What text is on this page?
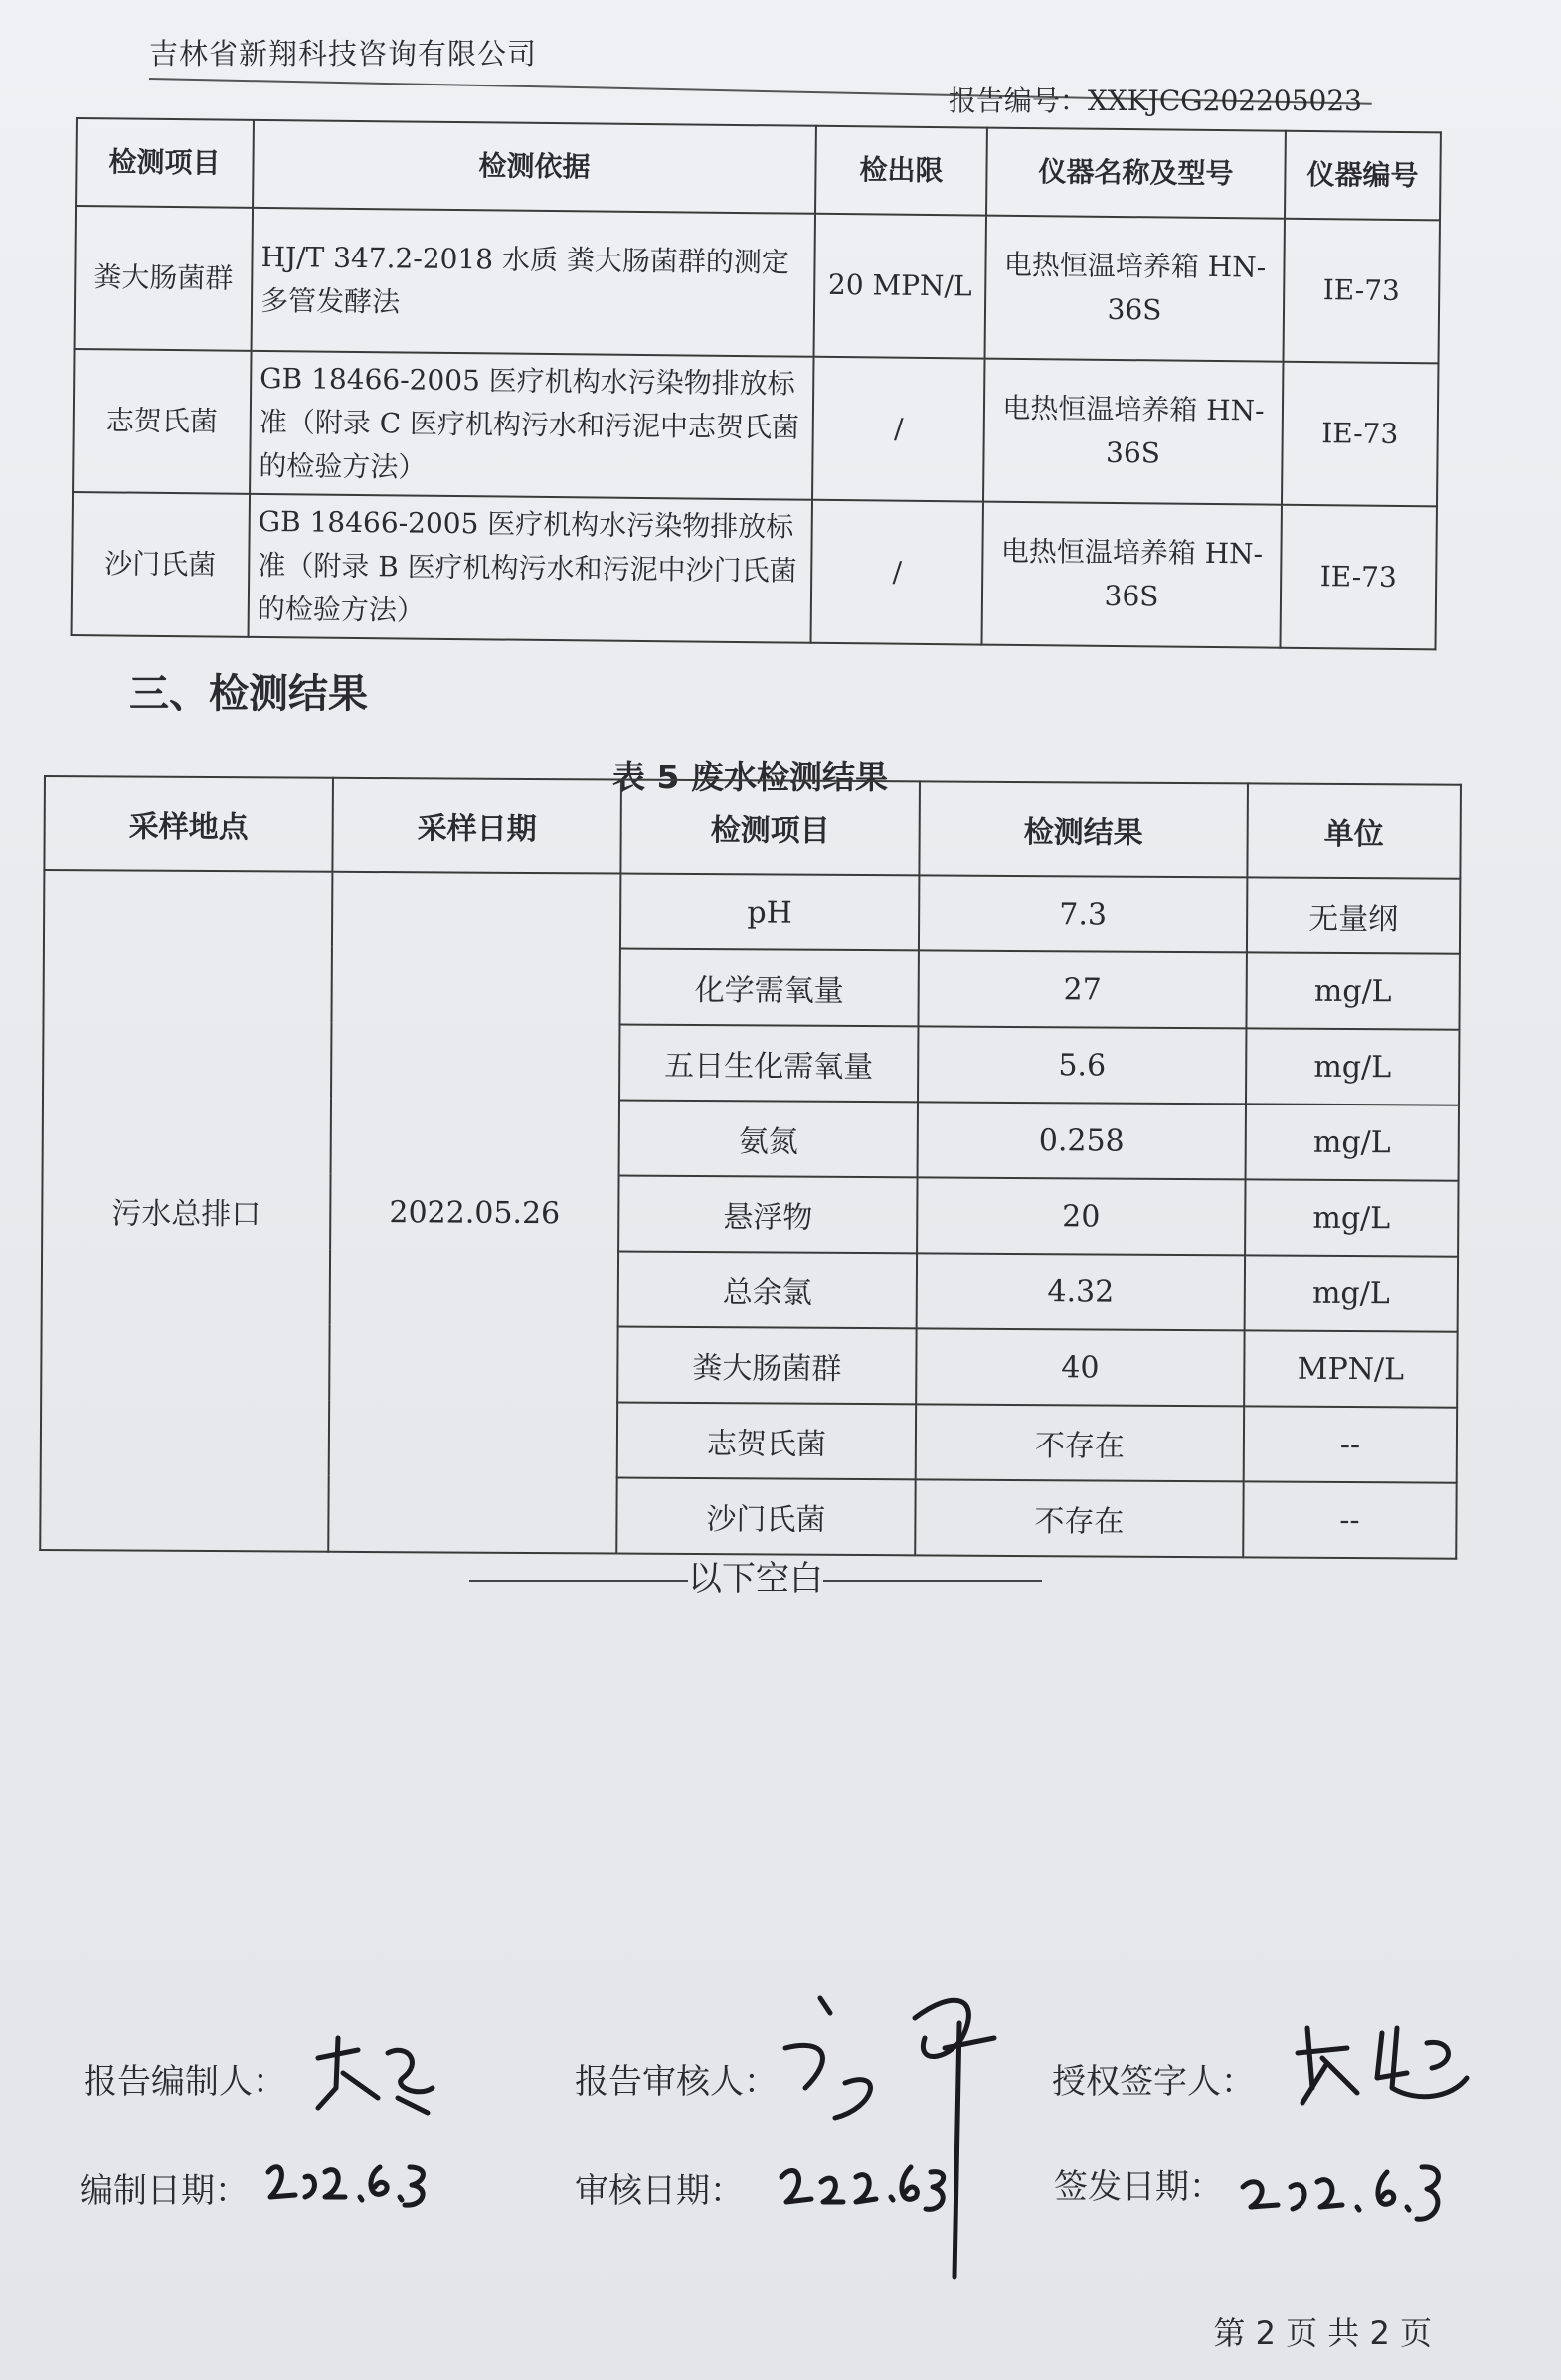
吉林省新翔科技咨询有限公司
报告编号：XXKJCG202205023
检测项目	检测依据	检出限	仪器名称及型号	仪器编号
粪大肠菌群	HJ/T 347.2-2018 水质 粪大肠菌群的测定 多管发酵法	20 MPN/L	电热恒温培养箱 HN-36S	IE-73
志贺氏菌	GB 18466-2005 医疗机构水污染物排放标准（附录 C 医疗机构污水和污泥中志贺氏菌的检验方法）	/	电热恒温培养箱 HN-36S	IE-73
沙门氏菌	GB 18466-2005 医疗机构水污染物排放标准（附录 B 医疗机构污水和污泥中沙门氏菌的检验方法）	/	电热恒温培养箱 HN-36S	IE-73
三、检测结果
表 5 废水检测结果
采样地点	采样日期	检测项目	检测结果	单位
污水总排口	2022.05.26	pH	7.3	无量纲
		化学需氧量	27	mg/L
		五日生化需氧量	5.6	mg/L
		氨氮	0.258	mg/L
		悬浮物	20	mg/L
		总余氯	4.32	mg/L
		粪大肠菌群	40	MPN/L
		志贺氏菌	不存在	--
		沙门氏菌	不存在	--
以下空白
报告编制人：	报告审核人：	授权签字人：
编制日期：	审核日期：	签发日期：
第 2 页 共 2 页
